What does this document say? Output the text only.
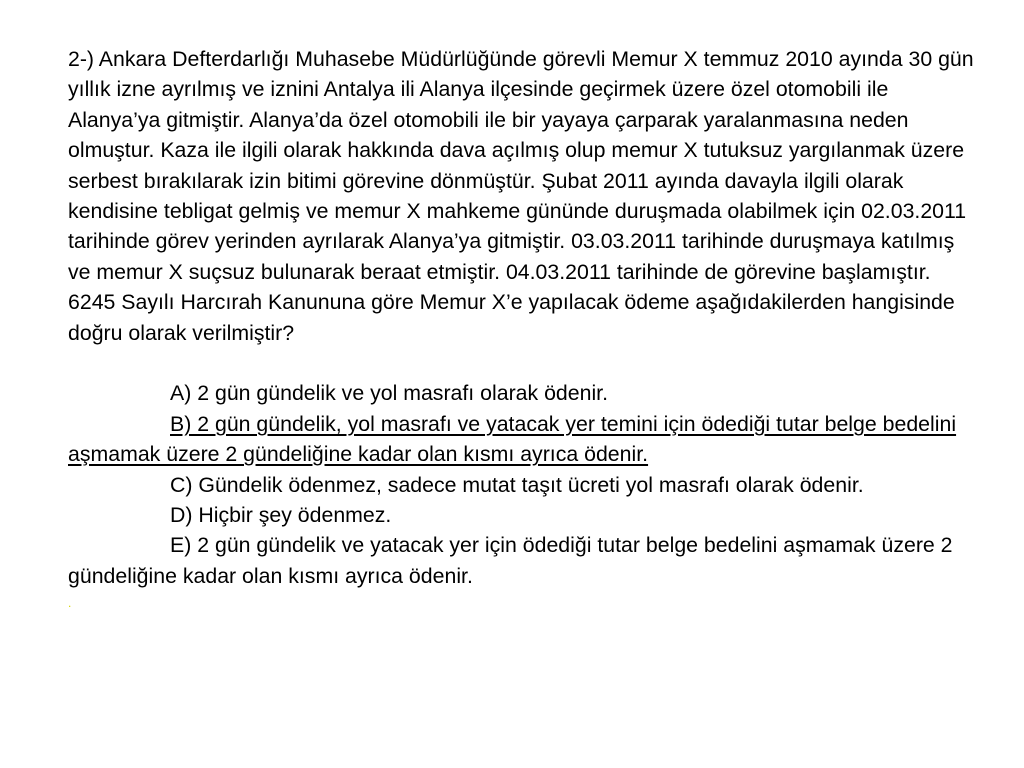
2-) Ankara Defterdarlığı Muhasebe Müdürlüğünde görevli Memur X temmuz 2010 ayında 30 gün yıllık izne ayrılmış ve iznini Antalya ili Alanya ilçesinde geçirmek üzere özel otomobili ile Alanya’ya gitmiştir. Alanya’da özel otomobili ile bir yayaya çarparak yaralanmasına neden olmuştur. Kaza ile ilgili olarak hakkında dava açılmış olup memur X tutuksuz yargılanmak üzere serbest bırakılarak izin bitimi görevine dönmüştür. Şubat 2011 ayında davayla ilgili olarak kendisine tebligat gelmiş ve memur X mahkeme gününde duruşmada olabilmek için 02.03.2011 tarihinde görev yerinden ayrılarak Alanya’ya gitmiştir. 03.03.2011 tarihinde duruşmaya katılmış ve memur X suçsuz bulunarak beraat etmiştir. 04.03.2011 tarihinde de görevine başlamıştır. 6245 Sayılı Harcırah Kanununa göre Memur X’e yapılacak ödeme aşağıdakilerden hangisinde doğru olarak verilmiştir?

A) 2 gün gündelik ve yol masrafı olarak ödenir.

B) 2 gün gündelik, yol masrafı ve yatacak yer temini için ödediği tutar belge bedelini aşmamak üzere 2 gündeliğine kadar olan kısmı ayrıca ödenir.

C) Gündelik ödenmez, sadece mutat taşıt ücreti yol masrafı olarak ödenir.

D) Hiçbir şey ödenmez.

E) 2 gün gündelik ve yatacak yer için ödediği tutar belge bedelini aşmamak üzere 2 gündeliğine kadar olan kısmı ayrıca ödenir.

.
